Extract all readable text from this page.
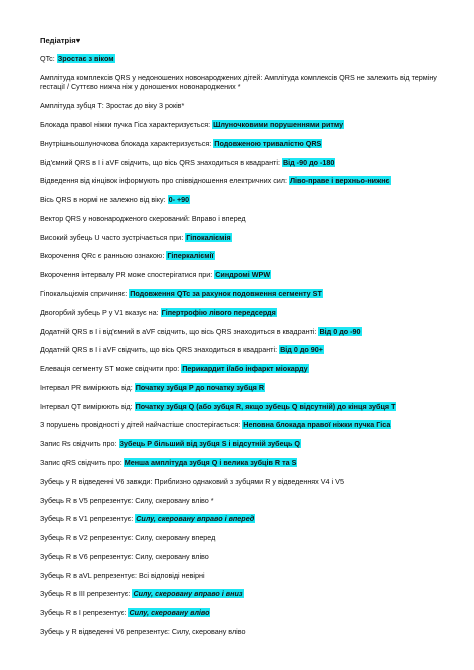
Педіатрія♥
QTc: Зростає з віком
Амплітуда комплексів QRS у недоношених новонароджених дітей: Амплітуда комплексів QRS не залежить від терміну гестації / Суттєво нижча ніж у доношених новонароджених *
Амплітуда зубця Т: Зростає до віку 3 років*
Блокада правої ніжки пучка Гіса характеризується: Шлуночковими порушеннями ритму
Внутрішньошлуночкова блокада характеризується: Подовженою тривалістю QRS
Від'ємний QRS в І і aVF свідчить, що вісь QRS знаходиться в квадранті: Від -90 до -180
Відведення від кінцівок інформують про співвідношення електричних сил: Ліво-праве і верхньо-нижнє
Вісь QRS в нормі не залежно від віку: 0- +90
Вектор QRS у новонародженого скерований: Вправо і вперед
Високий зубець U часто зустрічається при: Гіпокаліємія
Вкорочення QRс є ранньою ознакою: Гіперкаліємії
Вкорочення інтервалу PR може спостерігатися при: Синдромі WPW
Гіпокальціємія спричиняє: Подовження QTc за рахунок подовження сегменту ST
Двогорбий зубець Р у V1 вказує на: Гіпертрофію лівого передсердя
Додатній QRS в І і від'ємний в aVF свідчить, що вісь QRS знаходиться в квадранті: Від 0 до -90
Додатній QRS в І і aVF свідчить, що вісь QRS знаходиться в квадранті: Від 0 до 90+
Елевація сегменту ST може свідчити про: Перикардит і/або інфаркт міокарду
Інтервал PR вимірюють від: Початку зубця Р до початку зубця R
Інтервал QT вимірюють від: Початку зубця Q (або зубця R, якщо зубець Q відсутній) до кінця зубця T
З порушень провідності у дітей найчастіше спостерігається: Неповна блокада правої ніжки пучка Гіса
Запис Rs свідчить про: Зубець Р більший від зубця S і відсутній зубець Q
Запис qRS свідчить про: Менша амплітуда зубця Q і велика зубців R та S
Зубець у R відведенні V6 завжди: Приблизно однаковий з зубцями R у відведеннях V4 і V5
Зубець R в V5 репрезентує: Силу, скеровану вліво *
Зубець R в V1 репрезентує: Силу, скеровану вправо і вперед
Зубець R в V2 репрезентує: Силу, скеровану вперед
Зубець R в V6 репрезентує: Силу, скеровану вліво
Зубець R в aVL репрезентує: Всі відповіді невірні
Зубець R в III репрезентує: Силу, скеровану вправо і вниз
Зубець R в I репрезентує: Силу, скеровану вліво
Зубець у R відведенні V6 репрезентує: Силу, скеровану вліво
